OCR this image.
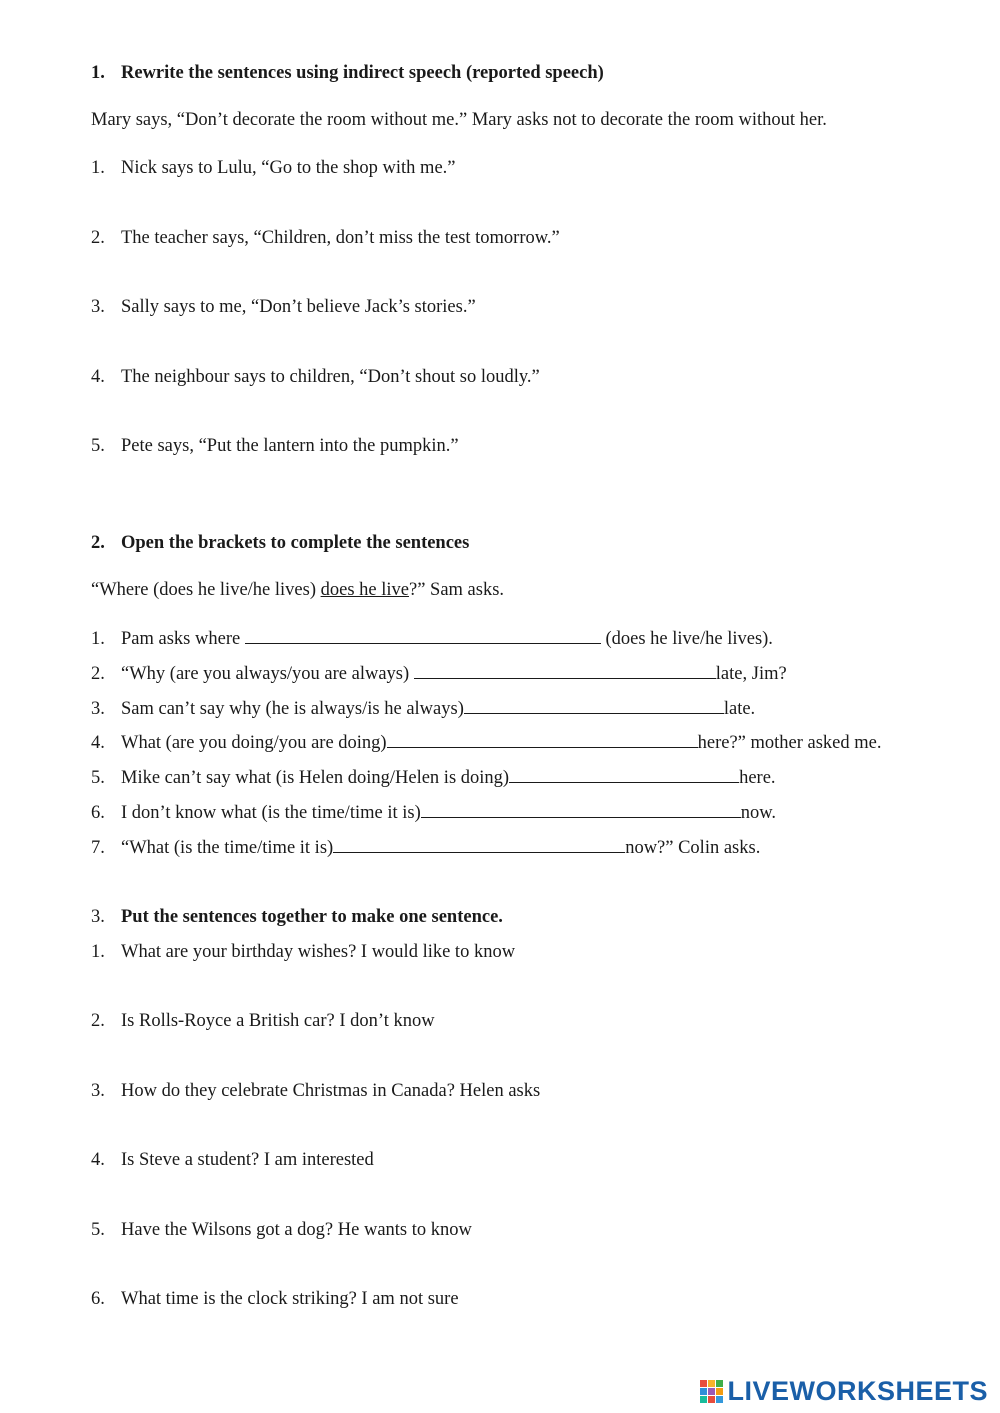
1. Rewrite the sentences using indirect speech (reported speech)
Mary says, “Don’t decorate the room without me.” Mary asks not to decorate the room without her.
1. Nick says to Lulu, “Go to the shop with me.”
2. The teacher says, “Children, don’t miss the test tomorrow.”
3. Sally says to me, “Don’t believe Jack’s stories.”
4. The neighbour says to children, “Don’t shout so loudly.”
5. Pete says, “Put the lantern into the pumpkin.”
2. Open the brackets to complete the sentences
“Where (does he live/he lives) does he live?” Sam asks.
1. Pam asks where	(does he live/he lives).
2. “Why (are you always/you are always)	late, Jim?
3. Sam can’t say why (he is always/is he always)	late.
4. What (are you doing/you are doing)	here?” mother asked me.
5. Mike can’t say what (is Helen doing/Helen is doing)	here.
6. I don’t know what (is the time/time it is)	now.
7. “What (is the time/time it is)	now?” Colin asks.
3. Put the sentences together to make one sentence.
1. What are your birthday wishes? I would like to know
2. Is Rolls-Royce a British car? I don’t know
3. How do they celebrate Christmas in Canada? Helen asks
4. Is Steve a student? I am interested
5. Have the Wilsons got a dog? He wants to know
6. What time is the clock striking? I am not sure
LIVEWORKSHEETS
